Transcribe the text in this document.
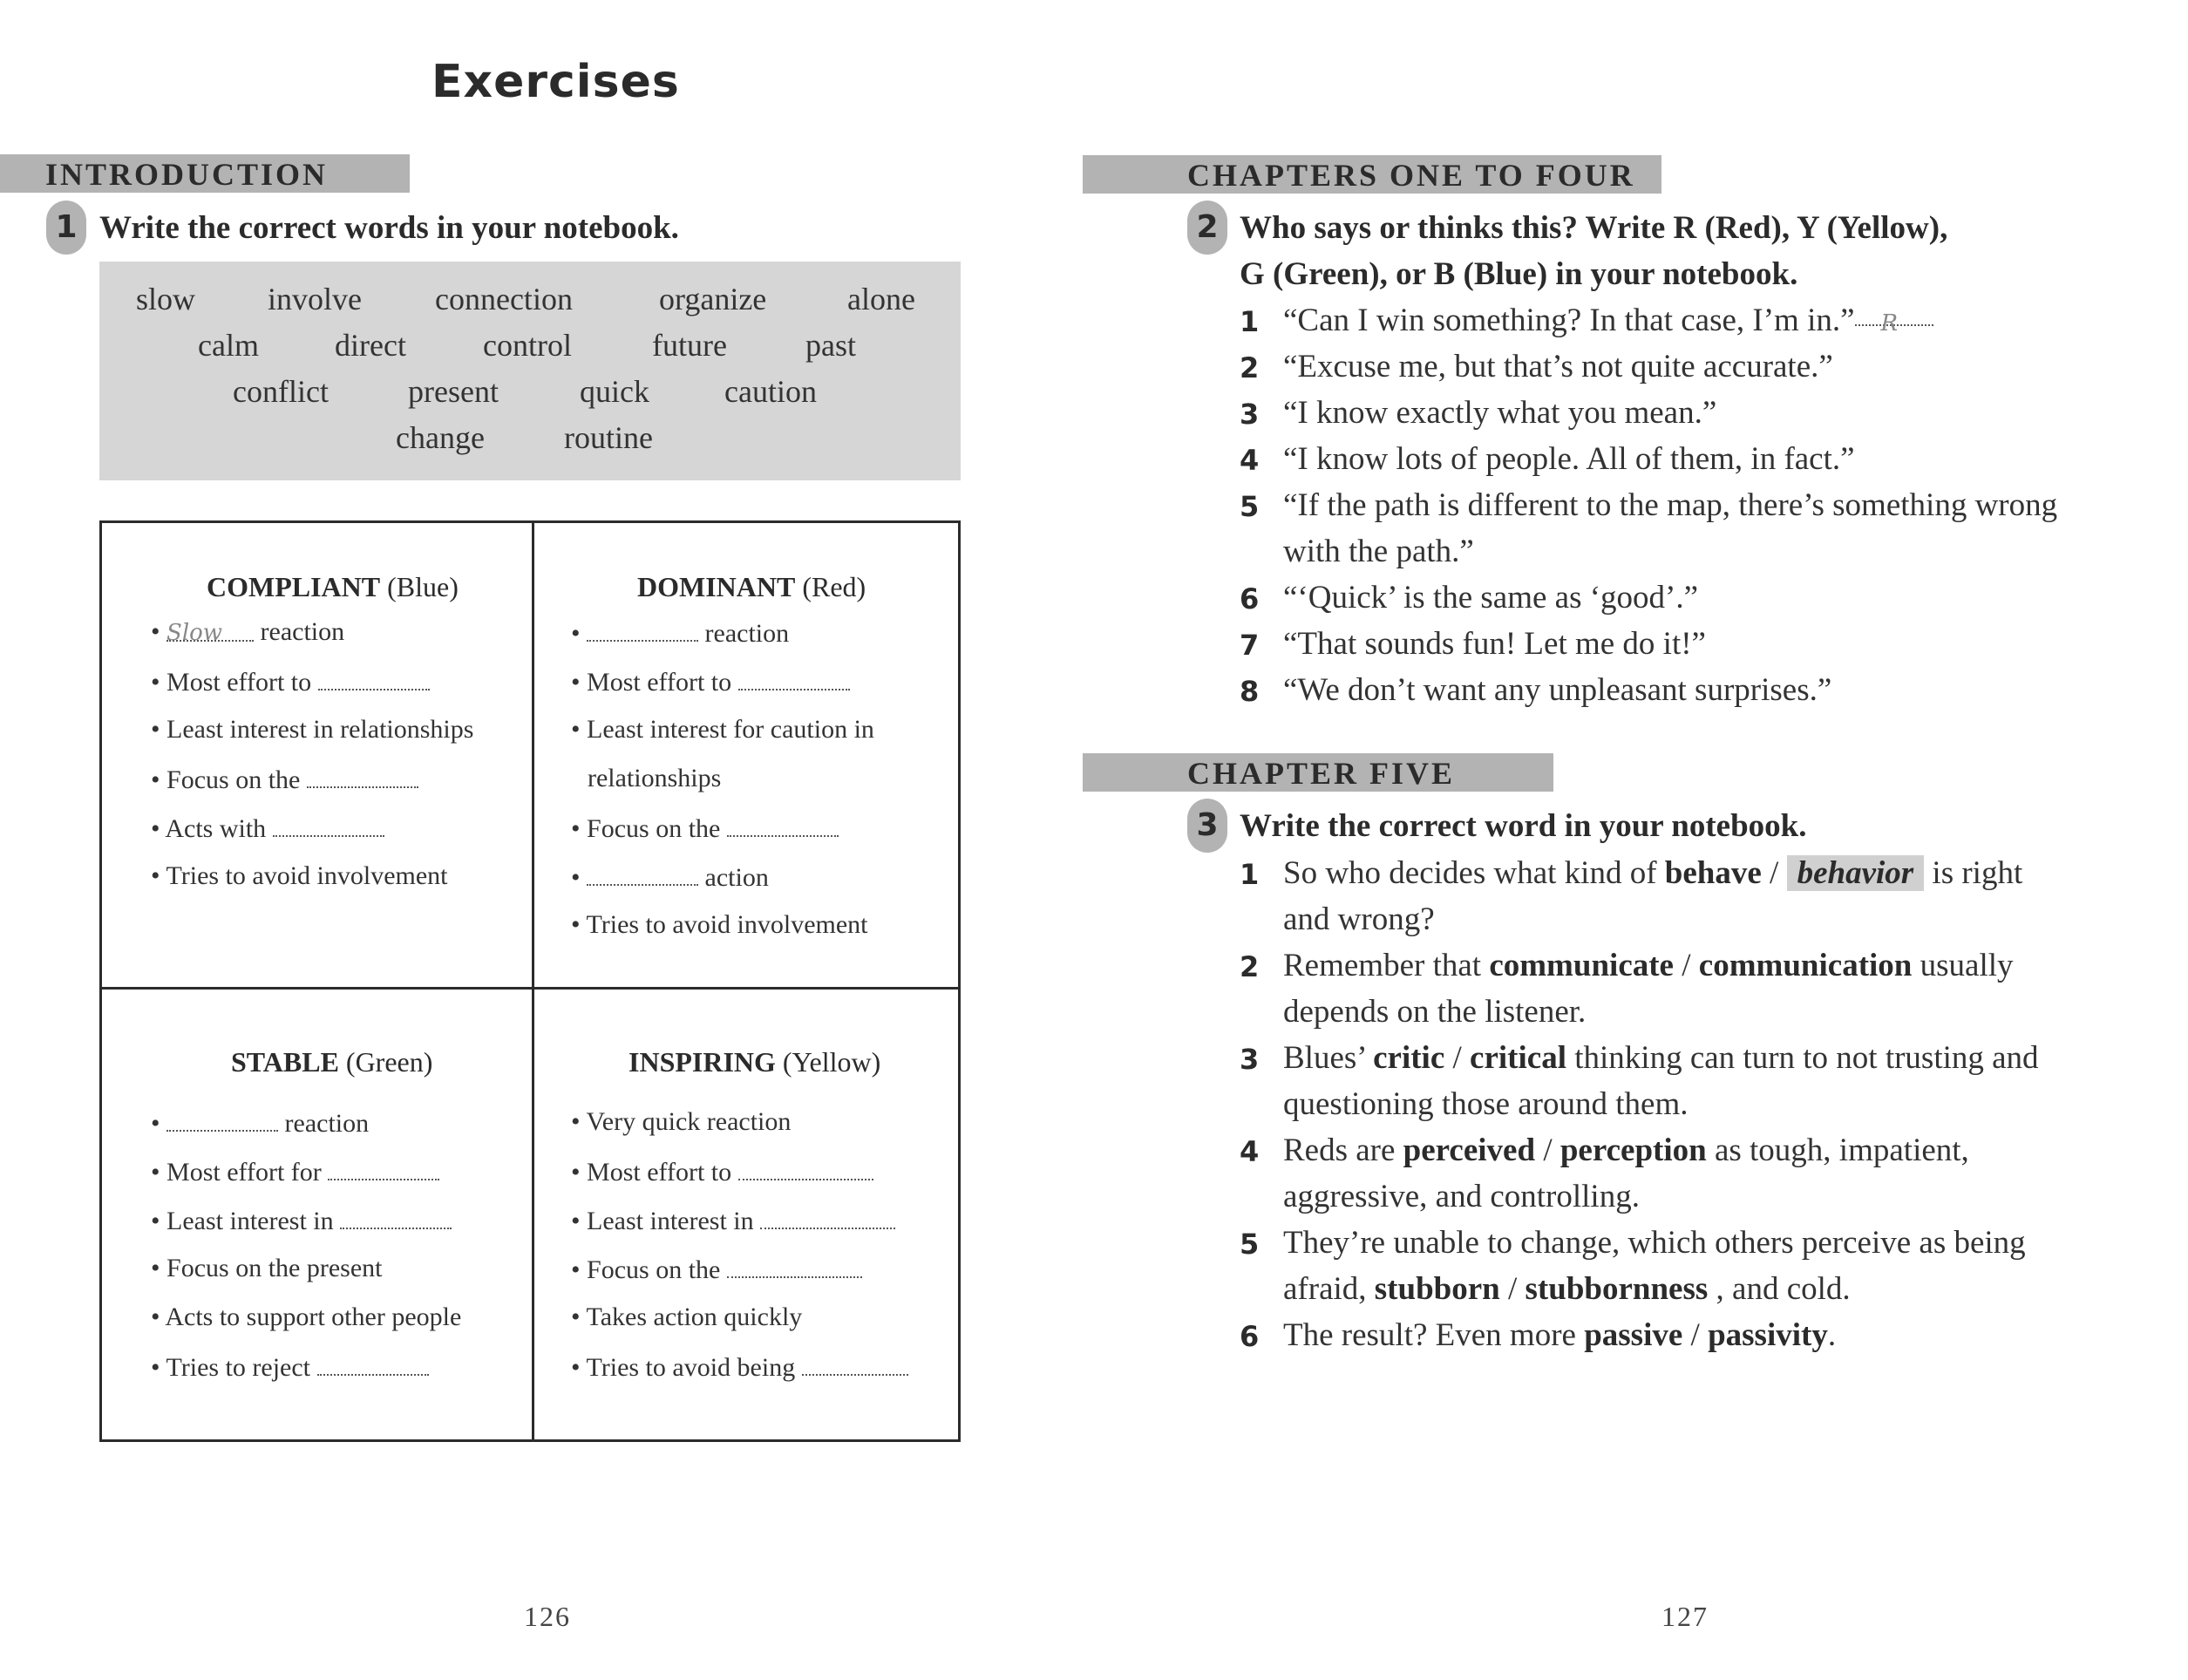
Exercises
INTRODUCTION
1 Write the correct words in your notebook.
slow involve connection	organize	alone
calm direct control	future	past
conflict	present	quick caution
change	routine
COMPLIANT (Blue)
• Slow reaction
• Most effort to
• Least interest in relationships
• Focus on the
• Acts with
• Tries to avoid involvement
DOMINANT (Red)
•	reaction
• Most effort to
• Least interest for caution in
relationships
• Focus on the
•	action
• Tries to avoid involvement
STABLE (Green)
•	reaction
• Most effort for
• Least interest in
• Focus on the present
• Acts to support other people
• Tries to reject
INSPIRING (Yellow)
• Very quick reaction
• Most effort to
• Least interest in
• Focus on the
• Takes action quickly
• Tries to avoid being
126
CHAPTERS ONE TO FOUR
2 Who says or thinks this? Write R (Red), Y (Yellow),
G (Green), or B (Blue) in your notebook.
1 “Can I win something? In that case, I’m in.” R
2 “Excuse me, but that’s not quite accurate.”
3 “I know exactly what you mean.”
4 “I know lots of people. All of them, in fact.”
5 “If the path is different to the map, there’s something wrong
with the path.”
6 “‘Quick’ is the same as ‘good’.”
7 “That sounds fun! Let me do it!”
8 “We don’t want any unpleasant surprises.”
CHAPTER FIVE
3 Write the correct word in your notebook.
1 So who decides what kind of behave / behavior is right
and wrong?
2 Remember that communicate / communication usually
depends on the listener.
3 Blues’ critic / critical thinking can turn to not trusting and
questioning those around them.
4 Reds are perceived / perception as tough, impatient,
aggressive, and controlling.
5 They’re unable to change, which others perceive as being
afraid, stubborn / stubbornness , and cold.
6 The result? Even more passive / passivity.
127
